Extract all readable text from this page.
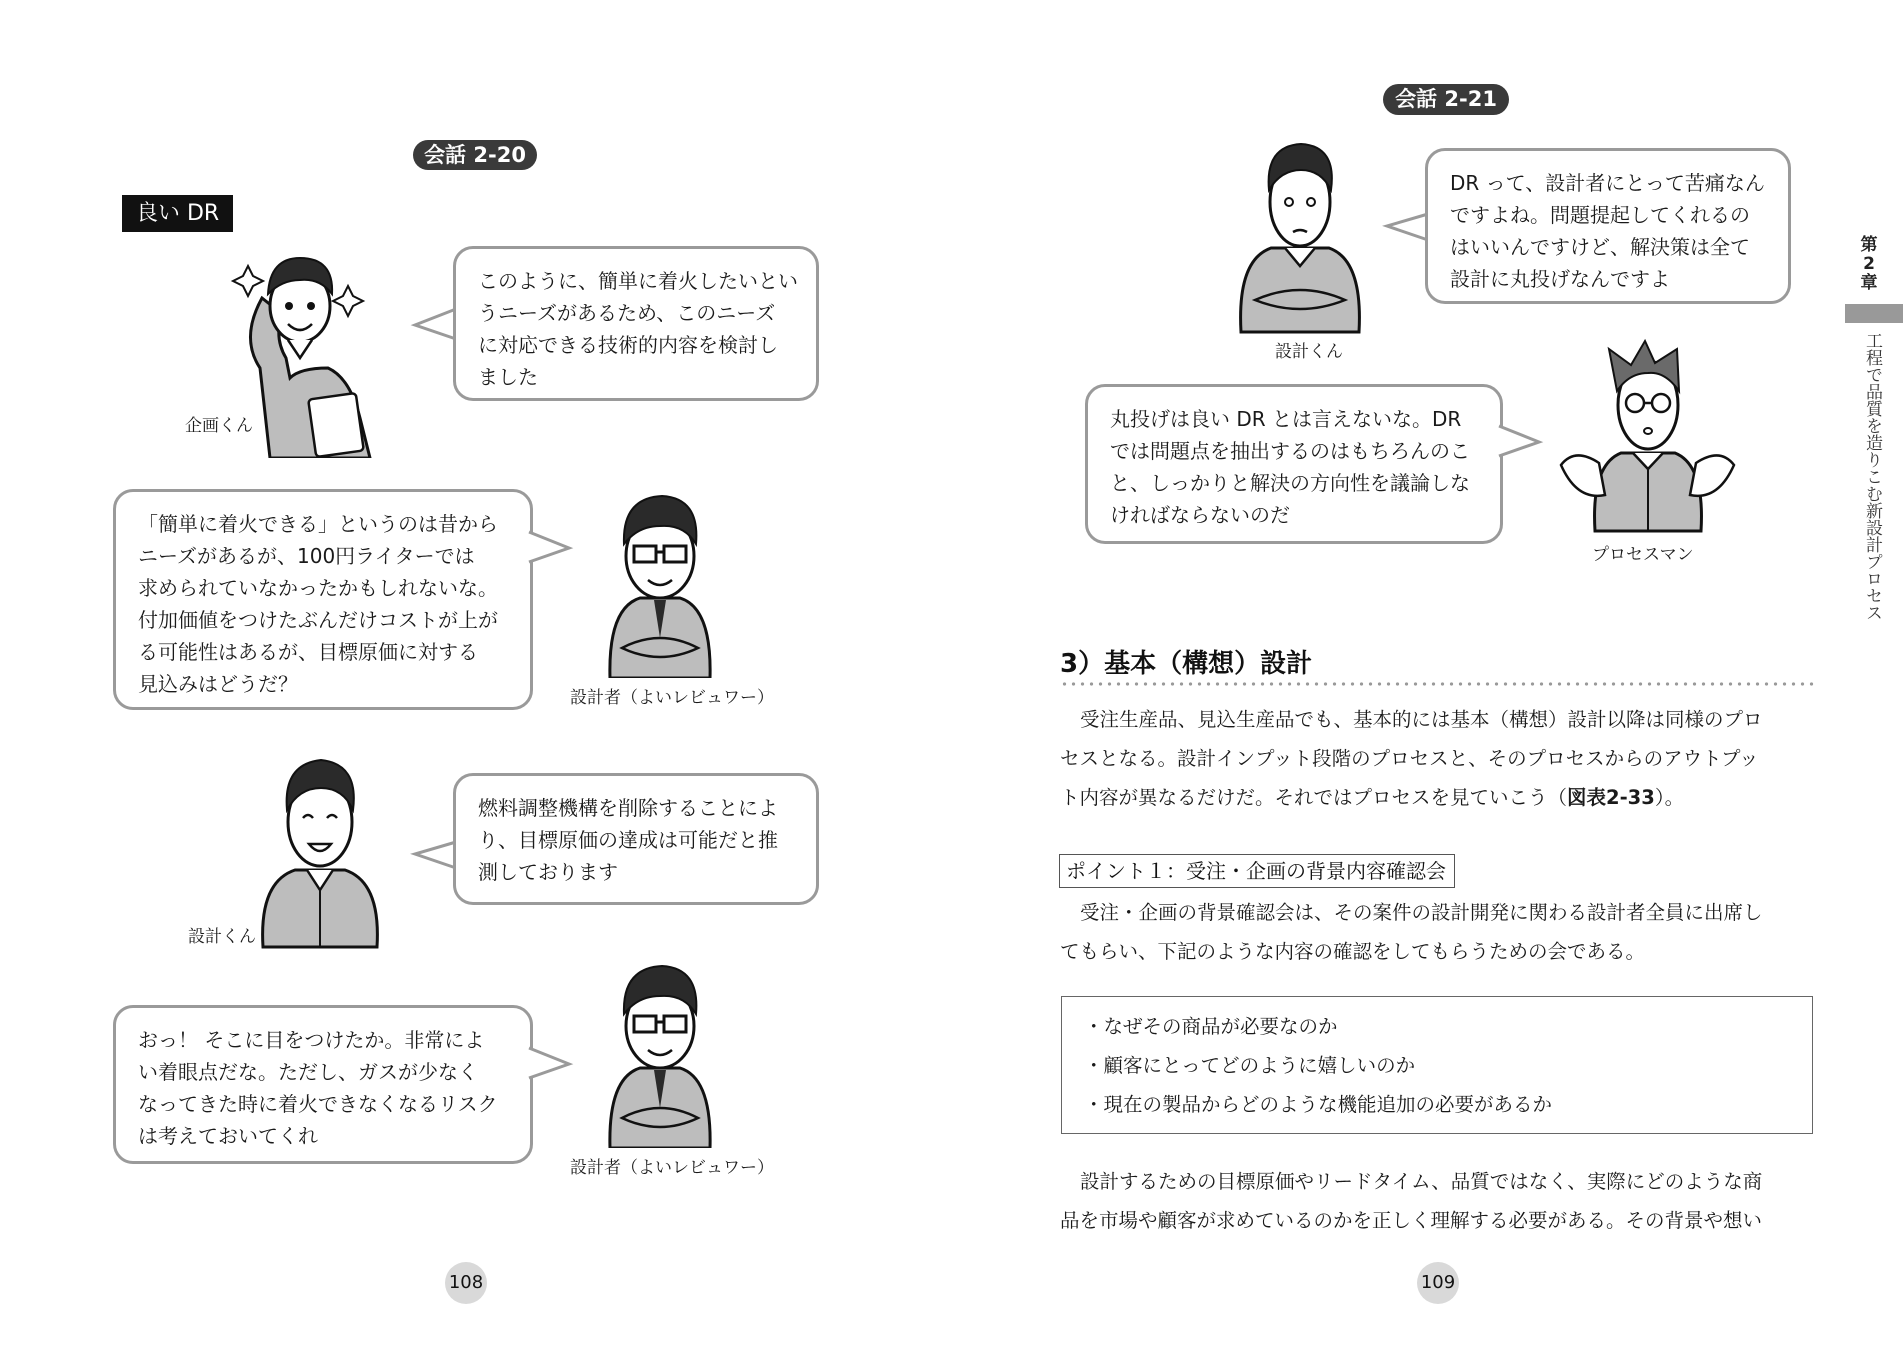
会話 2-20
良い DR
企画くん
このように、簡単に着火したいとい
うニーズがあるため、このニーズ
に対応できる技術的内容を検討し
ました
「簡単に着火できる」というのは昔から
ニーズがあるが、100円ライターでは
求められていなかったかもしれないな。
付加価値をつけたぶんだけコストが上が
る可能性はあるが、目標原価に対する
見込みはどうだ？
設計者（よいレビュワー）
設計くん
燃料調整機構を削除することによ
り、目標原価の達成は可能だと推
測しております
おっ！ そこに目をつけたか。非常によ
い着眼点だな。ただし、ガスが少なく
なってきた時に着火できなくなるリスク
は考えておいてくれ
設計者（よいレビュワー）
108
会話 2-21
設計くん
DR って、設計者にとって苦痛なん
ですよね。問題提起してくれるの
はいいんですけど、解決策は全て
設計に丸投げなんですよ
丸投げは良い DR とは言えないな。DR
では問題点を抽出するのはもちろんのこ
と、しっかりと解決の方向性を議論しな
ければならないのだ
プロセスマン
3）基本（構想）設計
受注生産品、見込生産品でも、基本的には基本（構想）設計以降は同様のプロ
セスとなる。設計インプット段階のプロセスと、そのプロセスからのアウトプッ
ト内容が異なるだけだ。それではプロセスを見ていこう（図表2-33）。
ポイント１：受注・企画の背景内容確認会
受注・企画の背景確認会は、その案件の設計開発に関わる設計者全員に出席し
てもらい、下記のような内容の確認をしてもらうための会である。
・なぜその商品が必要なのか
・顧客にとってどのように嬉しいのか
・現在の製品からどのような機能追加の必要があるか
設計するための目標原価やリードタイム、品質ではなく、実際にどのような商
品を市場や顧客が求めているのかを正しく理解する必要がある。その背景や想い
109
第
2
章
工程で品質を造りこむ新設計プロセス
